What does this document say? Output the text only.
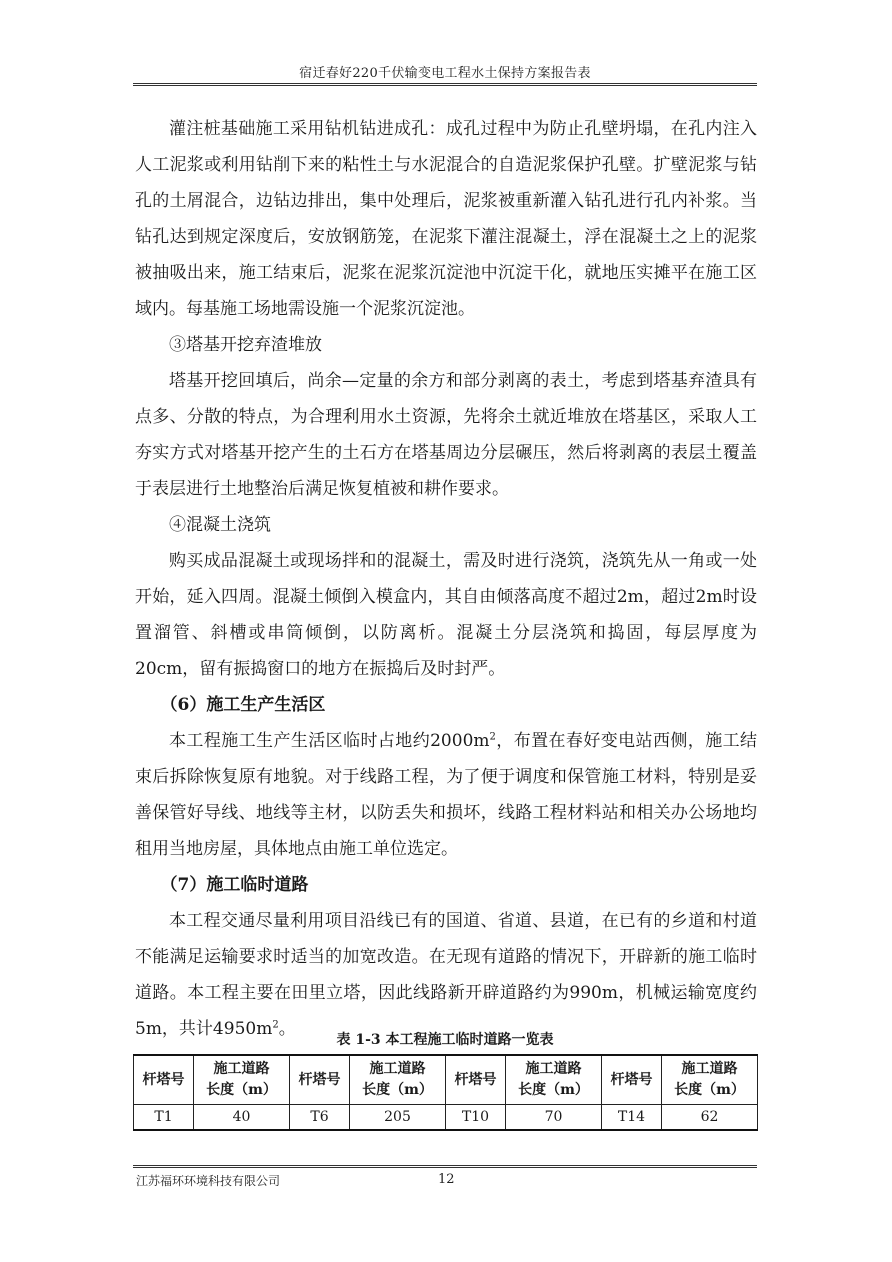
宿迁春好220千伏输变电工程水土保持方案报告表

灌注桩基础施工采用钻机钻进成孔：成孔过程中为防止孔壁坍塌，在孔内注入人工泥浆或利用钻削下来的粘性土与水泥混合的自造泥浆保护孔壁。扩壁泥浆与钻孔的土屑混合，边钻边排出，集中处理后，泥浆被重新灌入钻孔进行孔内补浆。当钻孔达到规定深度后，安放钢筋笼，在泥浆下灌注混凝土，浮在混凝土之上的泥浆被抽吸出来，施工结束后，泥浆在泥浆沉淀池中沉淀干化，就地压实摊平在施工区域内。每基施工场地需设施一个泥浆沉淀池。

③塔基开挖弃渣堆放

塔基开挖回填后，尚余—定量的余方和部分剥离的表土，考虑到塔基弃渣具有点多、分散的特点，为合理利用水土资源，先将余土就近堆放在塔基区，采取人工夯实方式对塔基开挖产生的土石方在塔基周边分层碾压，然后将剥离的表层土覆盖于表层进行土地整治后满足恢复植被和耕作要求。

④混凝土浇筑

购买成品混凝土或现场拌和的混凝土，需及时进行浇筑，浇筑先从一角或一处开始，延入四周。混凝土倾倒入模盒内，其自由倾落高度不超过2m，超过2m时设置溜管、斜槽或串筒倾倒，以防离析。混凝土分层浇筑和捣固，每层厚度为20cm，留有振捣窗口的地方在振捣后及时封严。

（6）施工生产生活区

本工程施工生产生活区临时占地约$2000m^2$，布置在春好变电站西侧，施工结束后拆除恢复原有地貌。对于线路工程，为了便于调度和保管施工材料，特别是妥善保管好导线、地线等主材，以防丢失和损坏，线路工程材料站和相关办公场地均租用当地房屋，具体地点由施工单位选定。

（7）施工临时道路

本工程交通尽量利用项目沿线已有的国道、省道、县道，在已有的乡道和村道不能满足运输要求时适当的加宽改造。在无现有道路的情况下，开辟新的施工临时道路。本工程主要在田里立塔，因此线路新开辟道路约为990m，机械运输宽度约5m，共计$4950m^2$。

表 1-3 本工程施工临时道路一览表
杆塔号	施工道路
长度（m）	杆塔号	施工道路
长度（m）	杆塔号	施工道路
长度（m）	杆塔号	施工道路
长度（m）
T1	40	T6	205	T10	70	T14	62
江苏福环环境科技有限公司	12
